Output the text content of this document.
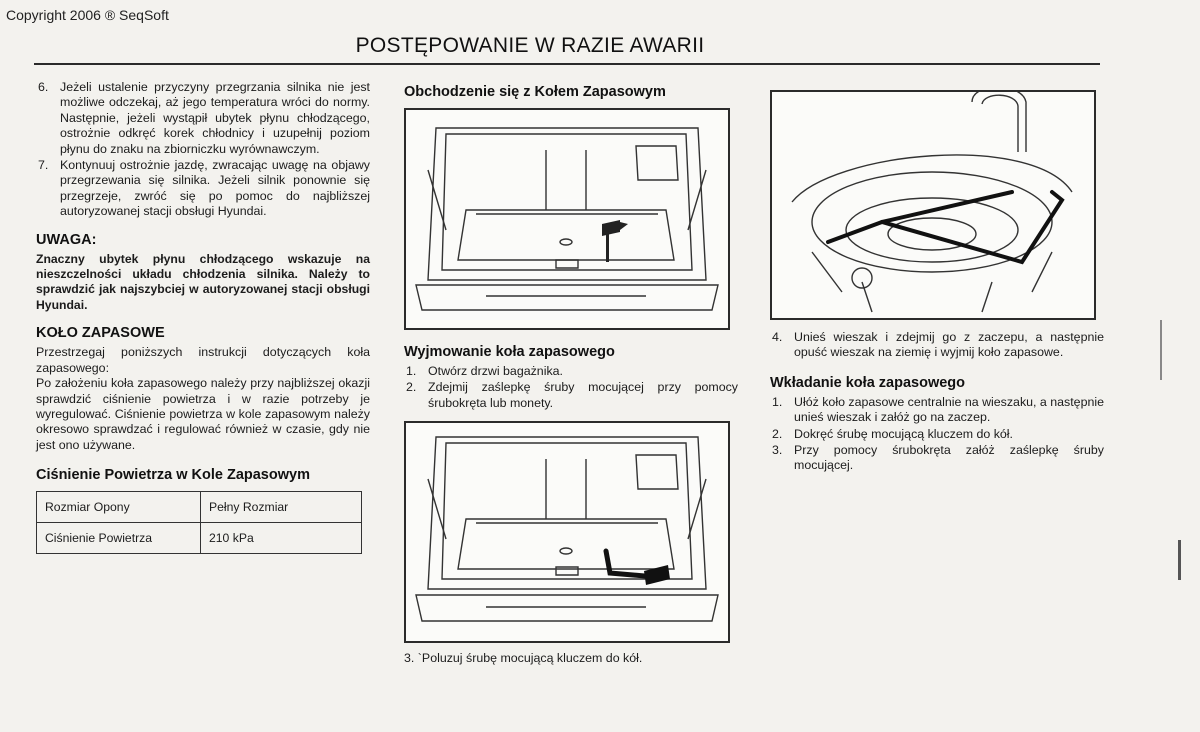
Copyright 2006 ® SeqSoft
POSTĘPOWANIE W RAZIE AWARII
6. Jeżeli ustalenie przyczyny przegrzania silnika nie jest możliwe odczekaj, aż jego temperatura wróci do normy. Następnie, jeżeli wystąpił ubytek płynu chłodzącego, ostrożnie odkręć korek chłodnicy i uzupełnij poziom płynu do znaku na zbiorniczku wyrównawczym.
7. Kontynuuj ostrożnie jazdę, zwracając uwagę na objawy przegrzewania się silnika. Jeżeli silnik ponownie się przegrzeje, zwróć się po pomoc do najbliższej autoryzowanej stacji obsługi Hyundai.
UWAGA:

Znaczny ubytek płynu chłodzącego wskazuje na nieszczelności układu chłodzenia silnika. Należy to sprawdzić jak najszybciej w autoryzowanej stacji obsługi Hyundai.

KOŁO ZAPASOWE

Przestrzegaj poniższych instrukcji dotyczących koła zapasowego:

Po założeniu koła zapasowego należy przy najbliższej okazji sprawdzić ciśnienie powietrza i w razie potrzeby je wyregulować. Ciśnienie powietrza w kole zapasowym należy okresowo sprawdzać i regulować również w czasie, gdy nie jest ono używane.

Ciśnienie Powietrza w Kole Zapasowym
Rozmiar Opony	Pełny Rozmiar
Ciśnienie Powietrza	210 kPa
Obchodzenie się z Kołem Zapasowym
Wyjmowanie koła zapasowego
1. Otwórz drzwi bagażnika.
2. Zdejmij zaślepkę śruby mocującej przy pomocy śrubokręta lub monety.

3. `Poluzuj śrubę mocującą kluczem do kół.

4. Unieś wieszak i zdejmij go z zaczepu, a następnie opuść wieszak na ziemię i wyjmij koło zapasowe.
Wkładanie koła zapasowego
1. Ułóż koło zapasowe centralnie na wieszaku, a następnie unieś wieszak i załóż go na zaczep.
2. Dokręć śrubę mocującą kluczem do kół.
3. Przy pomocy śrubokręta załóż zaślepkę śruby mocującej.
